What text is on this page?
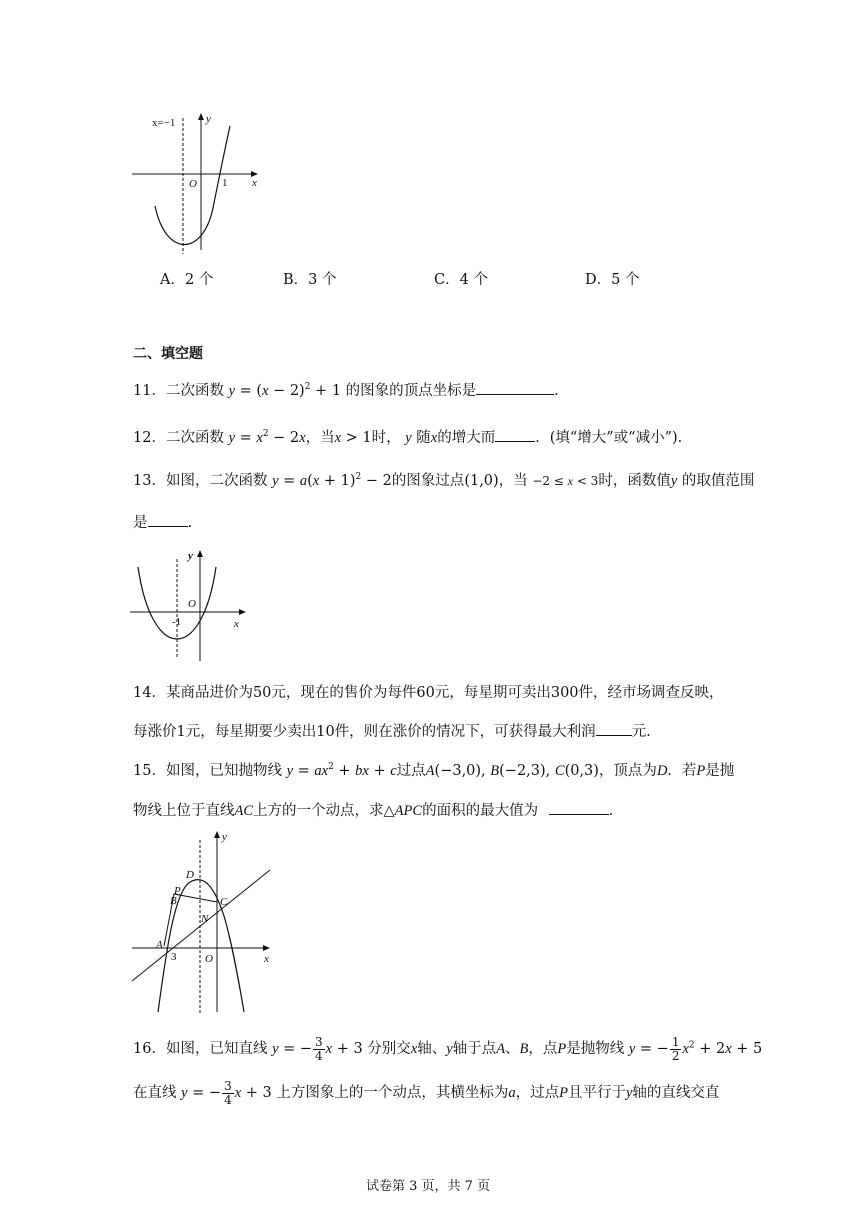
x=−1	y
x
O 1
A．2 个	B．3 个	C．4 个	D．5 个
二、填空题
11．二次函数 $y = (x - 2)^2 + 1$ 的图象的顶点坐标是	.
12．二次函数 $y = x^2 - 2x$，当x > 1时， y 随x的增大而	．(填“增大”或“减小”).
13．如图，二次函数 $y = a(x + 1)^2 - 2$的图象过点(1,0)，当 −2 ≤ x < 3时，函数值y 的取值范围
是	.
y
x
O
-1
14．某商品进价为50元，现在的售价为每件60元，每星期可卖出300件，经市场调查反映，
每涨价1元，每星期要少卖出10件，则在涨价的情况下，可获得最大利润 元.
15．如图，已知抛物线 $y = ax^2$ + bx + c过点A(−3,0), B(−2,3), C(0,3)，顶点为D．若P是抛
物线上位于直线AC上方的一个动点，求△APC的面积的最大值为	.
y
x
O
D
P
B	C
N
A
3
16．如图，已知直线 y = − $\frac{3}{4}$ x + 3 分别交x轴、y轴于点A、B，点P是抛物线 y = − $\frac{1}{2} x^2 + 2x + 5$
在直线 y = − $\frac{3}{4}$ x + 3 上方图象上的一个动点，其横坐标为a，过点P且平行于y轴的直线交直
试卷第 3 页，共 7 页
